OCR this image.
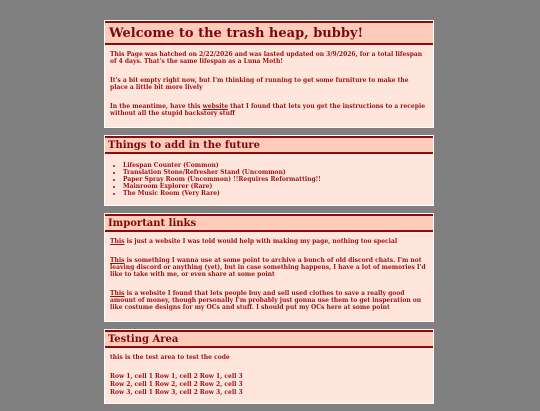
Welcome to the trash heap, bubby!

This Page was hatched on 2/22/2026 and was lasted updated on 3/9/2026, for a total lifespan of 4 days. That's the same lifespan as a Luna Moth!

It's a bit empty right now, but I'm thinking of running to get some furniture to make the place a little bit more lively

In the meantime, have this website that I found that lets you get the instructions to a recepie without all the stupid backstory stuff

Things to add in the future
• Lifespan Counter (Common)
• Translation Stone/Refresher Stand (Uncommon)
• Paper Spray Room (Uncommon) !!Requires Reformatting!!
• Mainroom Explorer (Rare)
• The Music Room (Very Rare)
Important links

This is just a website I was told would help with making my page, nothing too special

This is something I wanna use at some point to archive a bunch of old discord chats. I'm not leaving discord or anything (yet), but in case something happens, I have a lot of memories I'd like to take with me, or even share at some point

This is a website I found that lets people buy and sell used clothes to save a really good amount of money, though personally I'm probably just gonna use them to get insperation on like costume designs for my OCs and stuff. I should put my OCs here at some point

Testing Area

this is the test area to test the code

Row 1, cell 1	Row 1, cell 2	Row 1, cell 3
Row 2, cell 1	Row 2, cell 2	Row 2, cell 3
Row 3, cell 1	Row 3, cell 2	Row 3, cell 3
